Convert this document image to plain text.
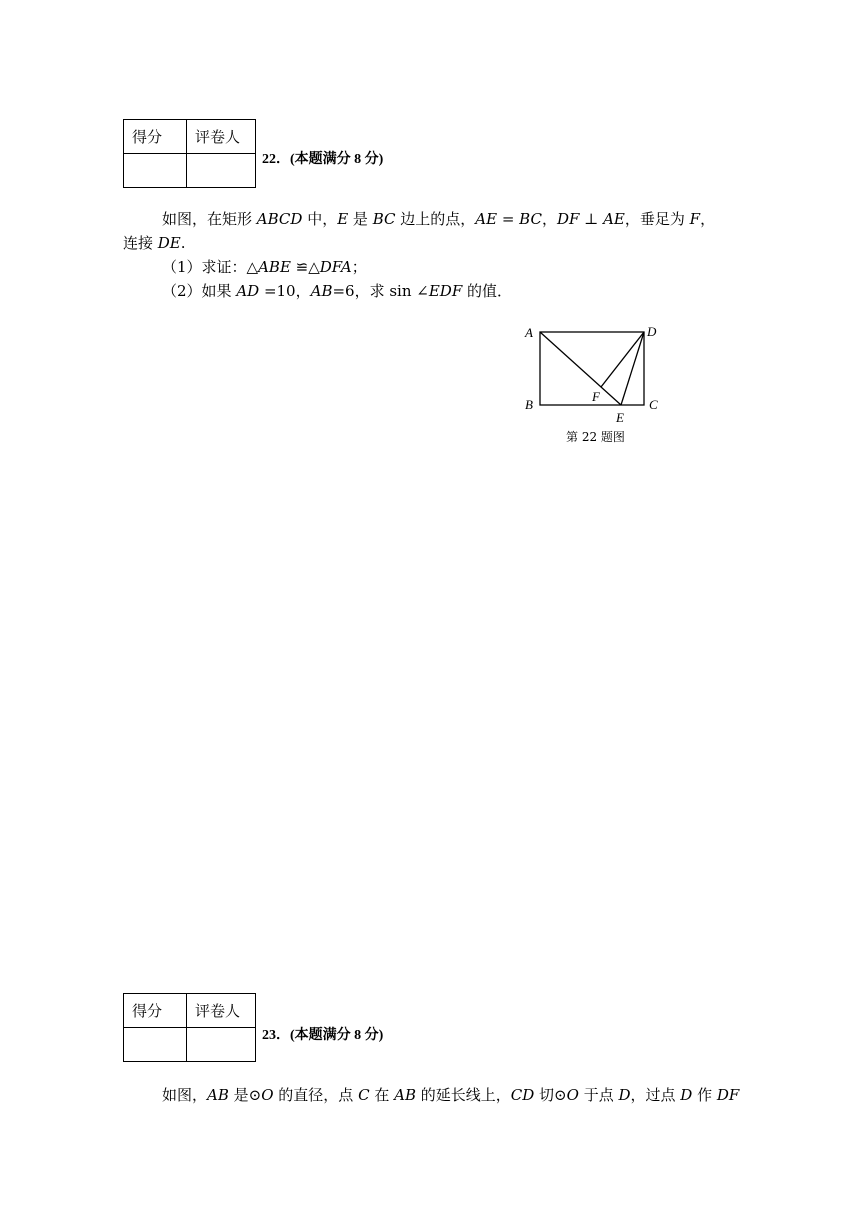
得分	评卷人

22．(本题满分 8 分)
如图，在矩形 ABCD 中，E 是 BC 边上的点，AE = BC，DF ⊥ AE，垂足为 F，
连接 DE.
（1）求证：△ABE ≌△DFA；
（2）如果 AD =10，AB=6，求 sin ∠EDF 的值．
A	D
B	C
F
E
第 22 题图
得分	评卷人

23．(本题满分 8 分)
如图，AB 是⊙O 的直径，点 C 在 AB 的延长线上，CD 切⊙O 于点 D，过点 D 作 DF
